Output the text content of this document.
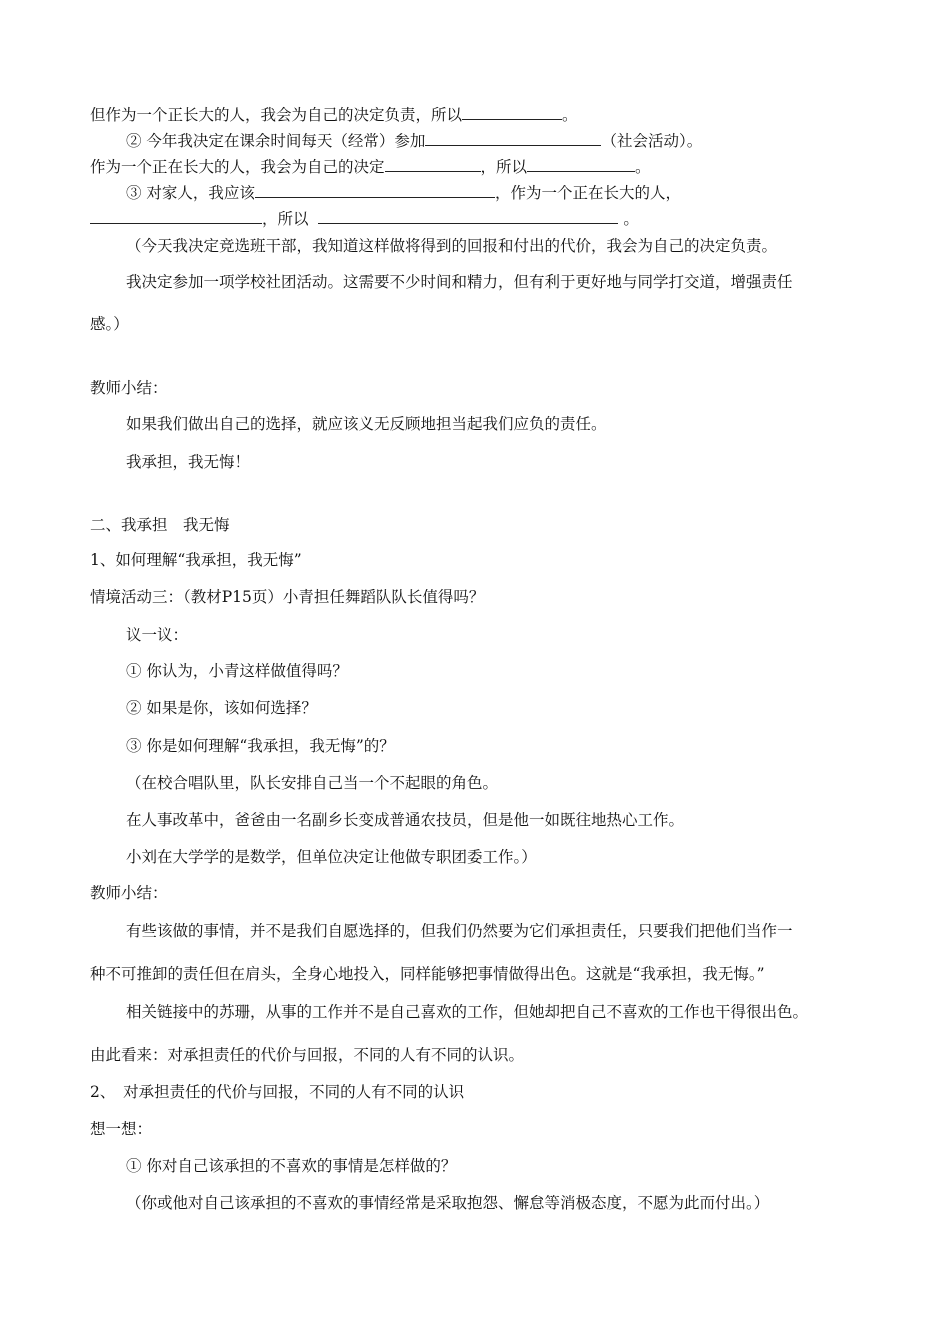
但作为一个正长大的人，我会为自己的决定负责，所以	。
② 今年我决定在课余时间每天（经常）参加	（社会活动）。
作为一个正在长大的人，我会为自己的决定	，所以	。
③ 对家人，我应该	，作为一个正在长大的人，
，所以	。
（今天我决定竞选班干部，我知道这样做将得到的回报和付出的代价，我会为自己的决定负责。
我决定参加一项学校社团活动。这需要不少时间和精力，但有利于更好地与同学打交道，增强责任
感。）
教师小结：
如果我们做出自己的选择，就应该义无反顾地担当起我们应负的责任。
我承担，我无悔！
二、我承担　我无悔
1、如何理解“我承担，我无悔”
情境活动三：（教材P15页）小青担任舞蹈队队长值得吗？
议一议：
① 你认为，小青这样做值得吗？
② 如果是你，该如何选择？
③ 你是如何理解“我承担，我无悔”的？
（在校合唱队里，队长安排自己当一个不起眼的角色。
在人事改革中，爸爸由一名副乡长变成普通农技员，但是他一如既往地热心工作。
小刘在大学学的是数学，但单位决定让他做专职团委工作。）
教师小结：
有些该做的事情，并不是我们自愿选择的，但我们仍然要为它们承担责任，只要我们把他们当作一
种不可推卸的责任但在肩头，全身心地投入，同样能够把事情做得出色。这就是“我承担，我无悔。”
相关链接中的苏珊，从事的工作并不是自己喜欢的工作，但她却把自己不喜欢的工作也干得很出色。
由此看来：对承担责任的代价与回报，不同的人有不同的认识。
2、　对承担责任的代价与回报，不同的人有不同的认识
想一想：
① 你对自己该承担的不喜欢的事情是怎样做的？
（你或他对自己该承担的不喜欢的事情经常是采取抱怨、懈怠等消极态度，不愿为此而付出。）
